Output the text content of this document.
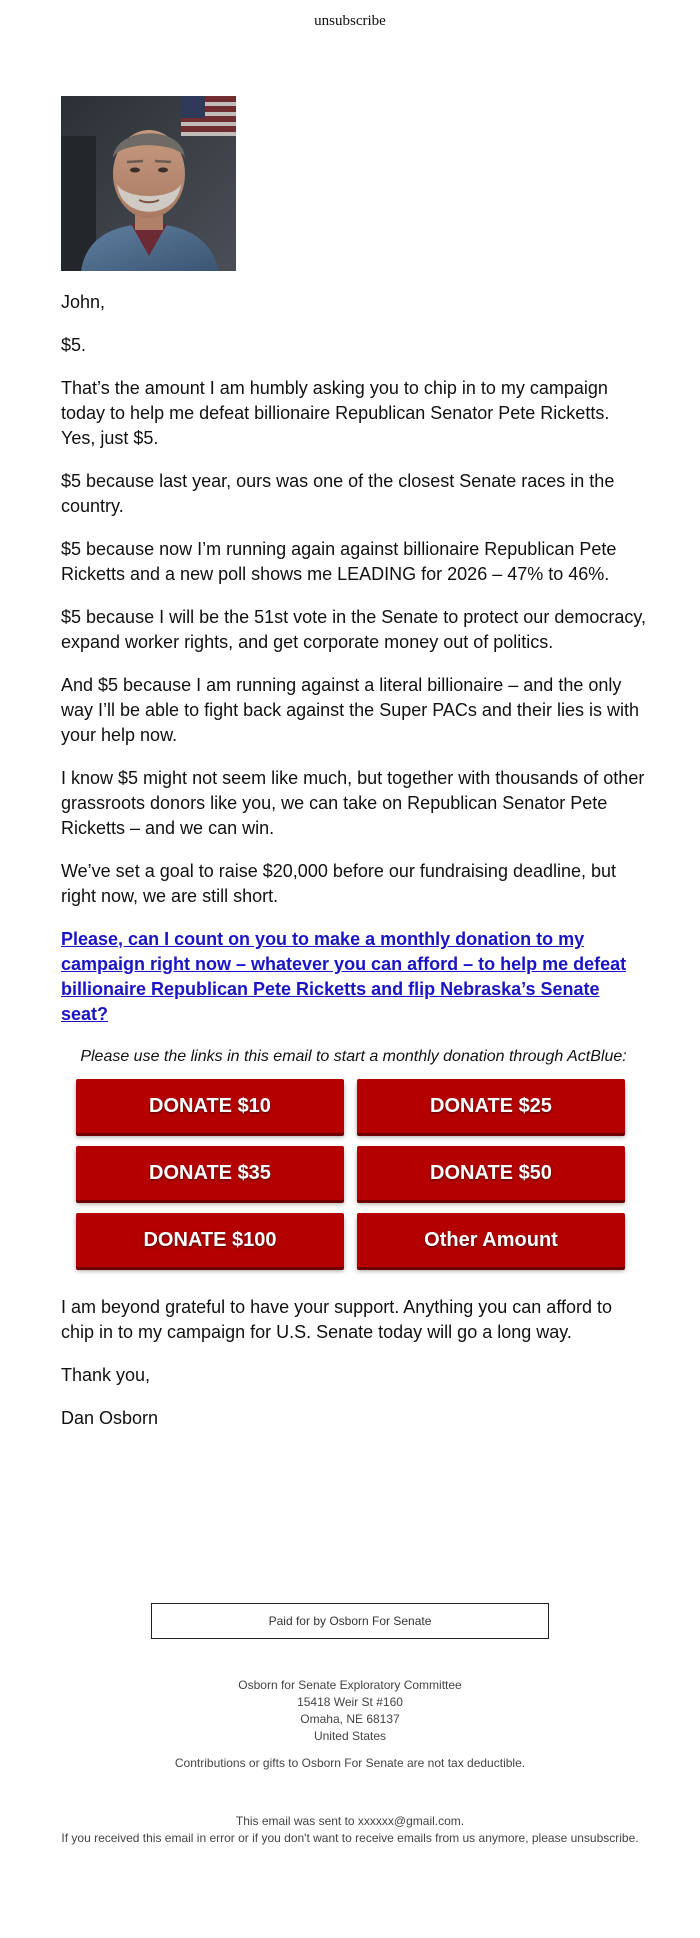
unsubscribe

John,

$5.

That’s the amount I am humbly asking you to chip in to my campaign today to help me defeat billionaire Republican Senator Pete Ricketts. Yes, just $5.

$5 because last year, ours was one of the closest Senate races in the country.

$5 because now I’m running again against billionaire Republican Pete Ricketts and a new poll shows me LEADING for 2026 – 47% to 46%.

$5 because I will be the 51st vote in the Senate to protect our democracy, expand worker rights, and get corporate money out of politics.

And $5 because I am running against a literal billionaire – and the only way I’ll be able to fight back against the Super PACs and their lies is with your help now.

I know $5 might not seem like much, but together with thousands of other grassroots donors like you, we can take on Republican Senator Pete Ricketts – and we can win.

We’ve set a goal to raise $20,000 before our fundraising deadline, but right now, we are still short.

Please, can I count on you to make a monthly donation to my campaign right now – whatever you can afford – to help me defeat billionaire Republican Pete Ricketts and flip Nebraska’s Senate seat?

Please use the links in this email to start a monthly donation through ActBlue:
DONATE $10	DONATE $25
DONATE $35	DONATE $50
DONATE $100	Other Amount

I am beyond grateful to have your support. Anything you can afford to chip in to my campaign for U.S. Senate today will go a long way.

Thank you,

Dan Osborn

Paid for by Osborn For Senate
Osborn for Senate Exploratory Committee
15418 Weir St #160
Omaha, NE 68137
United States
Contributions or gifts to Osborn For Senate are not tax deductible.
This email was sent to xxxxxx@gmail.com.
If you received this email in error or if you don't want to receive emails from us anymore, please unsubscribe.
